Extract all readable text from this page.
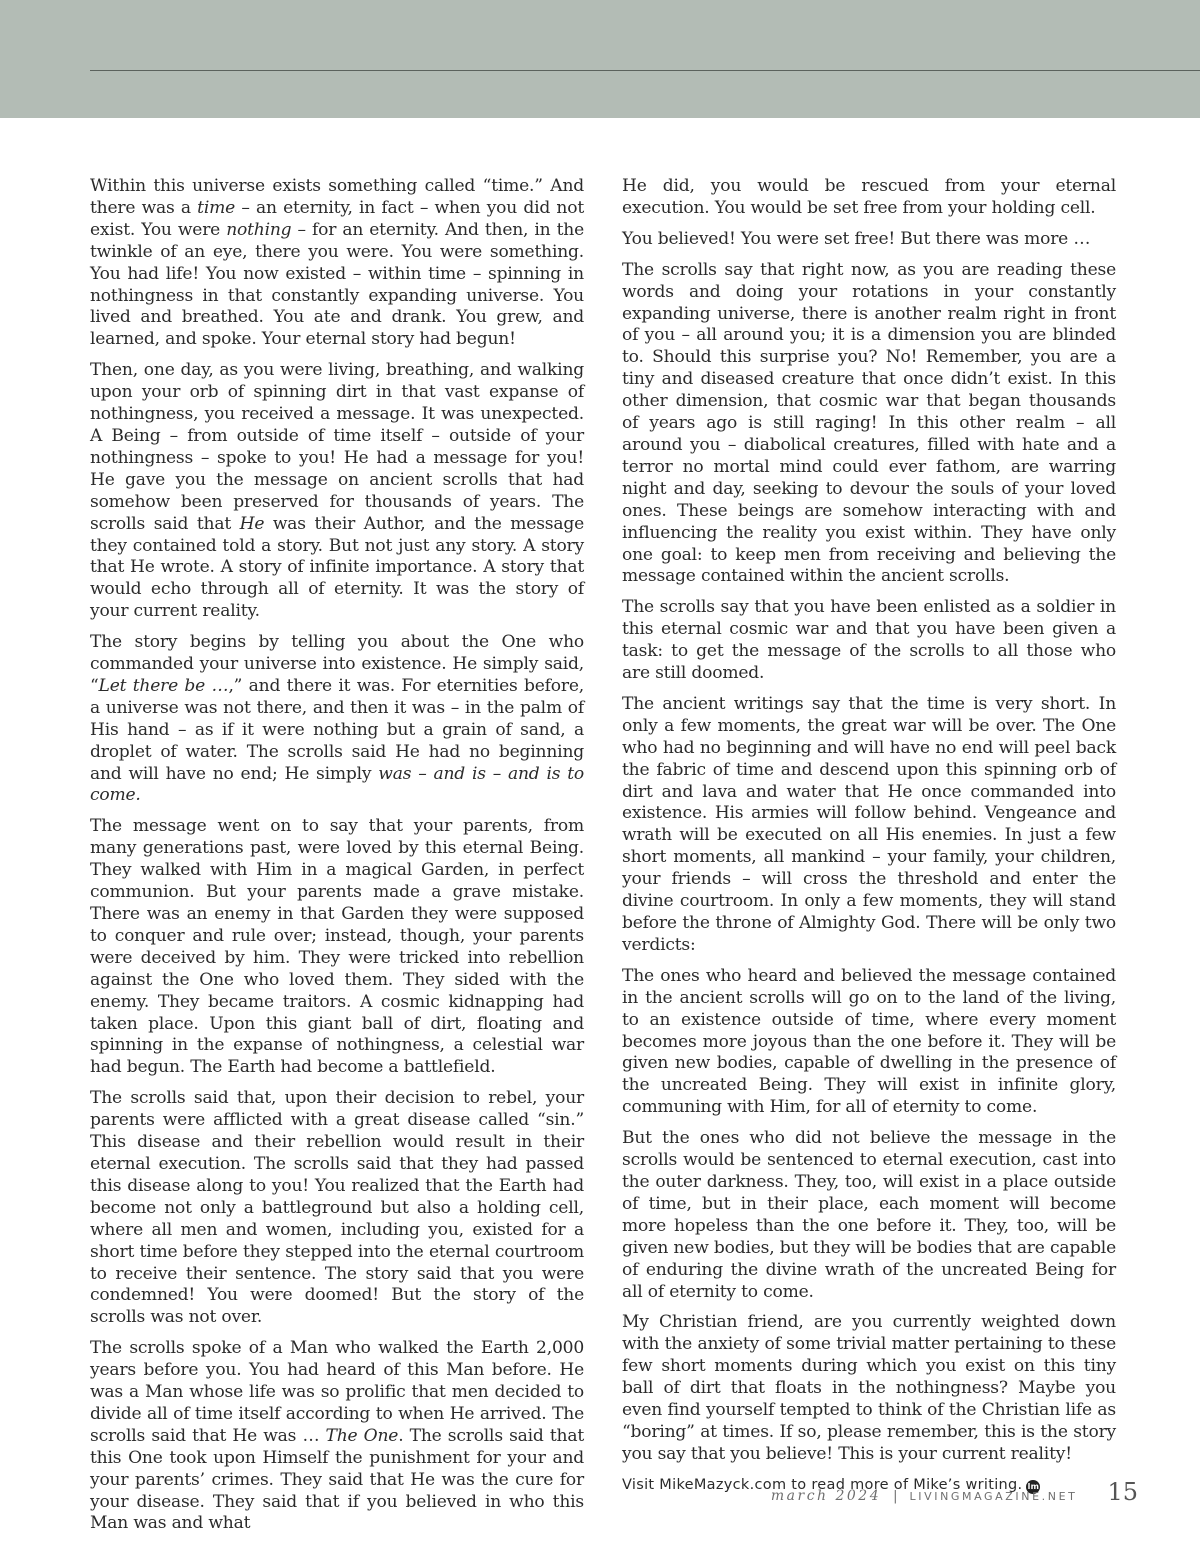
Within this universe exists something called “time.” And there was a time – an eternity, in fact – when you did not exist. You were nothing – for an eternity. And then, in the twinkle of an eye, there you were. You were something. You had life! You now existed – within time – spinning in nothingness in that constantly expanding universe. You lived and breathed. You ate and drank. You grew, and learned, and spoke. Your eternal story had begun!

Then, one day, as you were living, breathing, and walking upon your orb of spinning dirt in that vast expanse of nothingness, you received a message. It was unexpected. A Being – from outside of time itself – outside of your nothingness – spoke to you! He had a message for you! He gave you the message on ancient scrolls that had somehow been preserved for thousands of years. The scrolls said that He was their Author, and the message they contained told a story. But not just any story. A story that He wrote. A story of infinite importance. A story that would echo through all of eternity. It was the story of your current reality.

The story begins by telling you about the One who commanded your universe into existence. He simply said, “Let there be …,” and there it was. For eternities before, a universe was not there, and then it was – in the palm of His hand – as if it were nothing but a grain of sand, a droplet of water. The scrolls said He had no beginning and will have no end; He simply was – and is – and is to come.

The message went on to say that your parents, from many generations past, were loved by this eternal Being. They walked with Him in a magical Garden, in perfect communion. But your parents made a grave mistake. There was an enemy in that Garden they were supposed to conquer and rule over; instead, though, your parents were deceived by him. They were tricked into rebellion against the One who loved them. They sided with the enemy. They became traitors. A cosmic kidnapping had taken place. Upon this giant ball of dirt, floating and spinning in the expanse of nothingness, a celestial war had begun. The Earth had become a battlefield.

The scrolls said that, upon their decision to rebel, your parents were afflicted with a great disease called “sin.” This disease and their rebellion would result in their eternal execution. The scrolls said that they had passed this disease along to you! You realized that the Earth had become not only a battleground but also a holding cell, where all men and women, including you, existed for a short time before they stepped into the eternal courtroom to receive their sentence. The story said that you were condemned! You were doomed! But the story of the scrolls was not over.

The scrolls spoke of a Man who walked the Earth 2,000 years before you. You had heard of this Man before. He was a Man whose life was so prolific that men decided to divide all of time itself according to when He arrived. The scrolls said that He was … The One. The scrolls said that this One took upon Himself the punishment for your and your parents’ crimes. They said that He was the cure for your disease. They said that if you believed in who this Man was and what

He did, you would be rescued from your eternal execution. You would be set free from your holding cell.

You believed! You were set free! But there was more …

The scrolls say that right now, as you are reading these words and doing your rotations in your constantly expanding universe, there is another realm right in front of you – all around you; it is a dimension you are blinded to. Should this surprise you? No! Remember, you are a tiny and diseased creature that once didn’t exist. In this other dimension, that cosmic war that began thousands of years ago is still raging! In this other realm – all around you – diabolical creatures, filled with hate and a terror no mortal mind could ever fathom, are warring night and day, seeking to devour the souls of your loved ones. These beings are somehow interacting with and influencing the reality you exist within. They have only one goal: to keep men from receiving and believing the message contained within the ancient scrolls.

The scrolls say that you have been enlisted as a soldier in this eternal cosmic war and that you have been given a task: to get the message of the scrolls to all those who are still doomed.

The ancient writings say that the time is very short. In only a few moments, the great war will be over. The One who had no beginning and will have no end will peel back the fabric of time and descend upon this spinning orb of dirt and lava and water that He once commanded into existence. His armies will follow behind. Vengeance and wrath will be executed on all His enemies. In just a few short moments, all mankind – your family, your children, your friends – will cross the threshold and enter the divine courtroom. In only a few moments, they will stand before the throne of Almighty God. There will be only two verdicts:

The ones who heard and believed the message contained in the ancient scrolls will go on to the land of the living, to an existence outside of time, where every moment becomes more joyous than the one before it. They will be given new bodies, capable of dwelling in the presence of the uncreated Being. They will exist in infinite glory, communing with Him, for all of eternity to come.

But the ones who did not believe the message in the scrolls would be sentenced to eternal execution, cast into the outer darkness. They, too, will exist in a place outside of time, but in their place, each moment will become more hopeless than the one before it. They, too, will be given new bodies, but they will be bodies that are capable of enduring the divine wrath of the uncreated Being for all of eternity to come.

My Christian friend, are you currently weighted down with the anxiety of some trivial matter pertaining to these few short moments during which you exist on this tiny ball of dirt that floats in the nothingness? Maybe you even find yourself tempted to think of the Christian life as “boring” at times. If so, please remember, this is the story you say that you believe! This is your current reality!

Visit MikeMazyck.com to read more of Mike’s writing. lm
march 2024 | LIVINGMAGAZINE.NET 15
